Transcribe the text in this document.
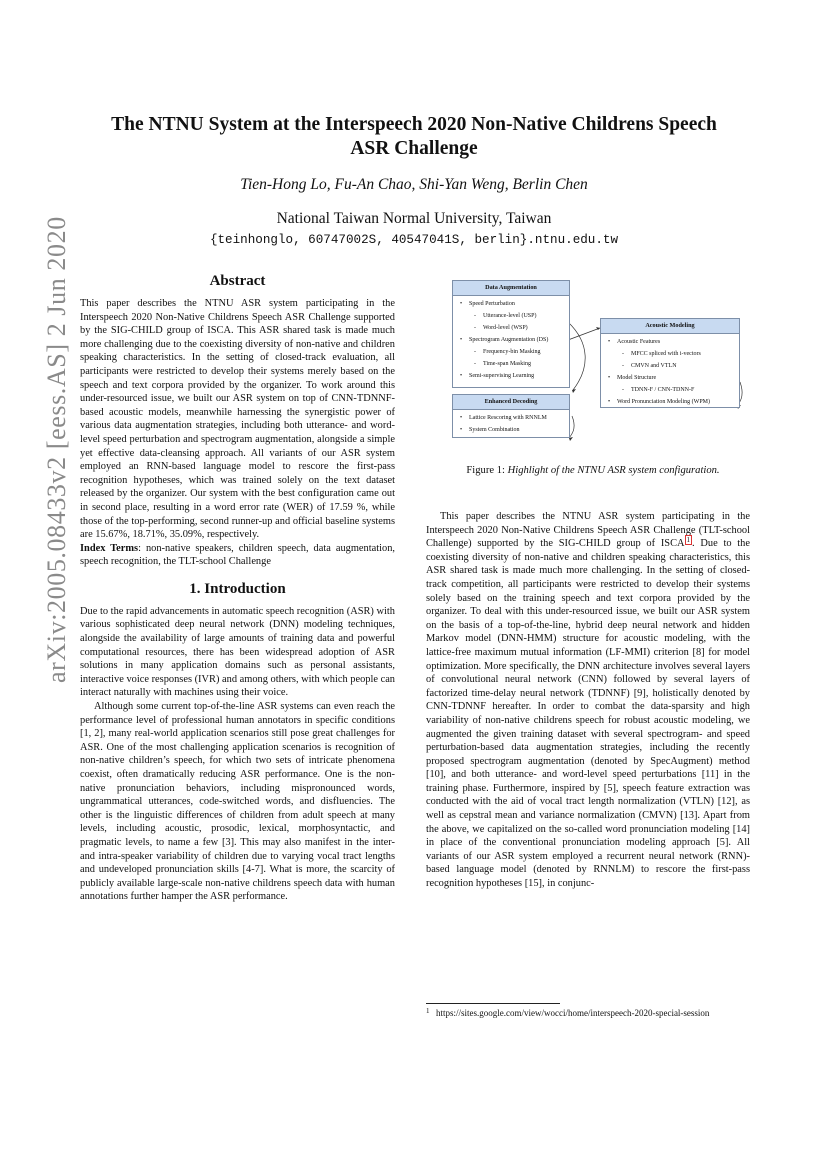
arXiv:2005.08433v2 [eess.AS] 2 Jun 2020
The NTNU System at the Interspeech 2020 Non-Native Childrens Speech ASR Challenge
Tien-Hong Lo, Fu-An Chao, Shi-Yan Weng, Berlin Chen
National Taiwan Normal University, Taiwan
{teinhonglo, 60747002S, 40547041S, berlin}.ntnu.edu.tw
Abstract

This paper describes the NTNU ASR system participating in the Interspeech 2020 Non-Native Childrens Speech ASR Challenge supported by the SIG-CHILD group of ISCA. This ASR shared task is made much more challenging due to the coexisting diversity of non-native and children speaking characteristics. In the setting of closed-track evaluation, all participants were restricted to develop their systems merely based on the speech and text corpora provided by the organizer. To work around this under-resourced issue, we built our ASR system on top of CNN-TDNNF-based acoustic models, meanwhile harnessing the synergistic power of various data augmentation strategies, including both utterance- and word-level speed perturbation and spectrogram augmentation, alongside a simple yet effective data-cleansing approach. All variants of our ASR system employed an RNN-based language model to rescore the first-pass recognition hypotheses, which was trained solely on the text dataset released by the organizer. Our system with the best configuration came out in second place, resulting in a word error rate (WER) of 17.59 %, while those of the top-performing, second runner-up and official baseline systems are 15.67%, 18.71%, 35.09%, respectively.

Index Terms: non-native speakers, children speech, data augmentation, speech recognition, the TLT-school Challenge

1. Introduction

Due to the rapid advancements in automatic speech recognition (ASR) with various sophisticated deep neural network (DNN) modeling techniques, alongside the availability of large amounts of training data and powerful computational resources, there has been widespread adoption of ASR solutions in many application domains such as personal assistants, interactive voice responses (IVR) and among others, with which people can interact naturally with machines using their voice.

Although some current top-of-the-line ASR systems can even reach the performance level of professional human annotators in specific conditions [1, 2], many real-world application scenarios still pose great challenges for ASR. One of the most challenging application scenarios is recognition of non-native children’s speech, for which two sets of intricate phenomena coexist, often dramatically reducing ASR performance. One is the non-native pronunciation behaviors, including mispronounced words, ungrammatical utterances, code-switched words, and disfluencies. The other is the linguistic differences of children from adult speech at many levels, including acoustic, prosodic, lexical, morphosyntactic, and pragmatic levels, to name a few [3]. This may also manifest in the inter- and intra-speaker variability of children due to varying vocal tract lengths and undeveloped pronunciation skills [4-7]. What is more, the scarcity of publicly available large-scale non-native childrens speech data with human annotations further hamper the ASR performance.

Data Augmentation
• Speed Perturbation
- Utterance-level (USP)
- Word-level (WSP)
• Spectrogram Augmentation (DS)
- Frequency-bin Masking
- Time-span Masking
• Semi-supervising Learning
Acoustic Modeling
• Acoustic Features
- MFCC spliced with i-vectors
- CMVN and VTLN
• Model Structure
- TDNN-F / CNN-TDNN-F
• Word Pronunciation Modeling (WPM)
Enhanced Decoding
• Lattice Rescoring with RNNLM
• System Combination
Figure 1: Highlight of the NTNU ASR system configuration.

This paper describes the NTNU ASR system participating in the Interspeech 2020 Non-Native Childrens Speech ASR Challenge (TLT-school Challenge) supported by the SIG-CHILD group of ISCA $^1$ . Due to the coexisting diversity of non-native and children speaking characteristics, this ASR shared task is made much more challenging. In the setting of closed-track competition, all participants were restricted to develop their systems solely based on the training speech and text corpora provided by the organizer. To deal with this under-resourced issue, we built our ASR system on the basis of a top-of-the-line, hybrid deep neural network and hidden Markov model (DNN-HMM) structure for acoustic modeling, with the lattice-free maximum mutual information (LF-MMI) criterion [8] for model optimization. More specifically, the DNN architecture involves several layers of convolutional neural network (CNN) followed by several layers of factorized time-delay neural network (TDNNF) [9], holistically denoted by CNN-TDNNF hereafter. In order to combat the data-sparsity and high variability of non-native childrens speech for robust acoustic modeling, we augmented the given training dataset with several spectrogram- and speed perturbation-based data augmentation strategies, including the recently proposed spectrogram augmentation (denoted by SpecAugment) method [10], and both utterance- and word-level speed perturbations [11] in the training phase. Furthermore, inspired by [5], speech feature extraction was conducted with the aid of vocal tract length normalization (VTLN) [12], as well as cepstral mean and variance normalization (CMVN) [13]. Apart from the above, we capitalized on the so-called word pronunciation modeling [14] in place of the conventional pronunciation modeling approach [5]. All variants of our ASR system employed a recurrent neural network (RNN)-based language model (denoted by RNNLM) to rescore the first-pass recognition hypotheses [15], in conjunc-

1 https://sites.google.com/view/wocci/home/interspeech-2020-special-session
